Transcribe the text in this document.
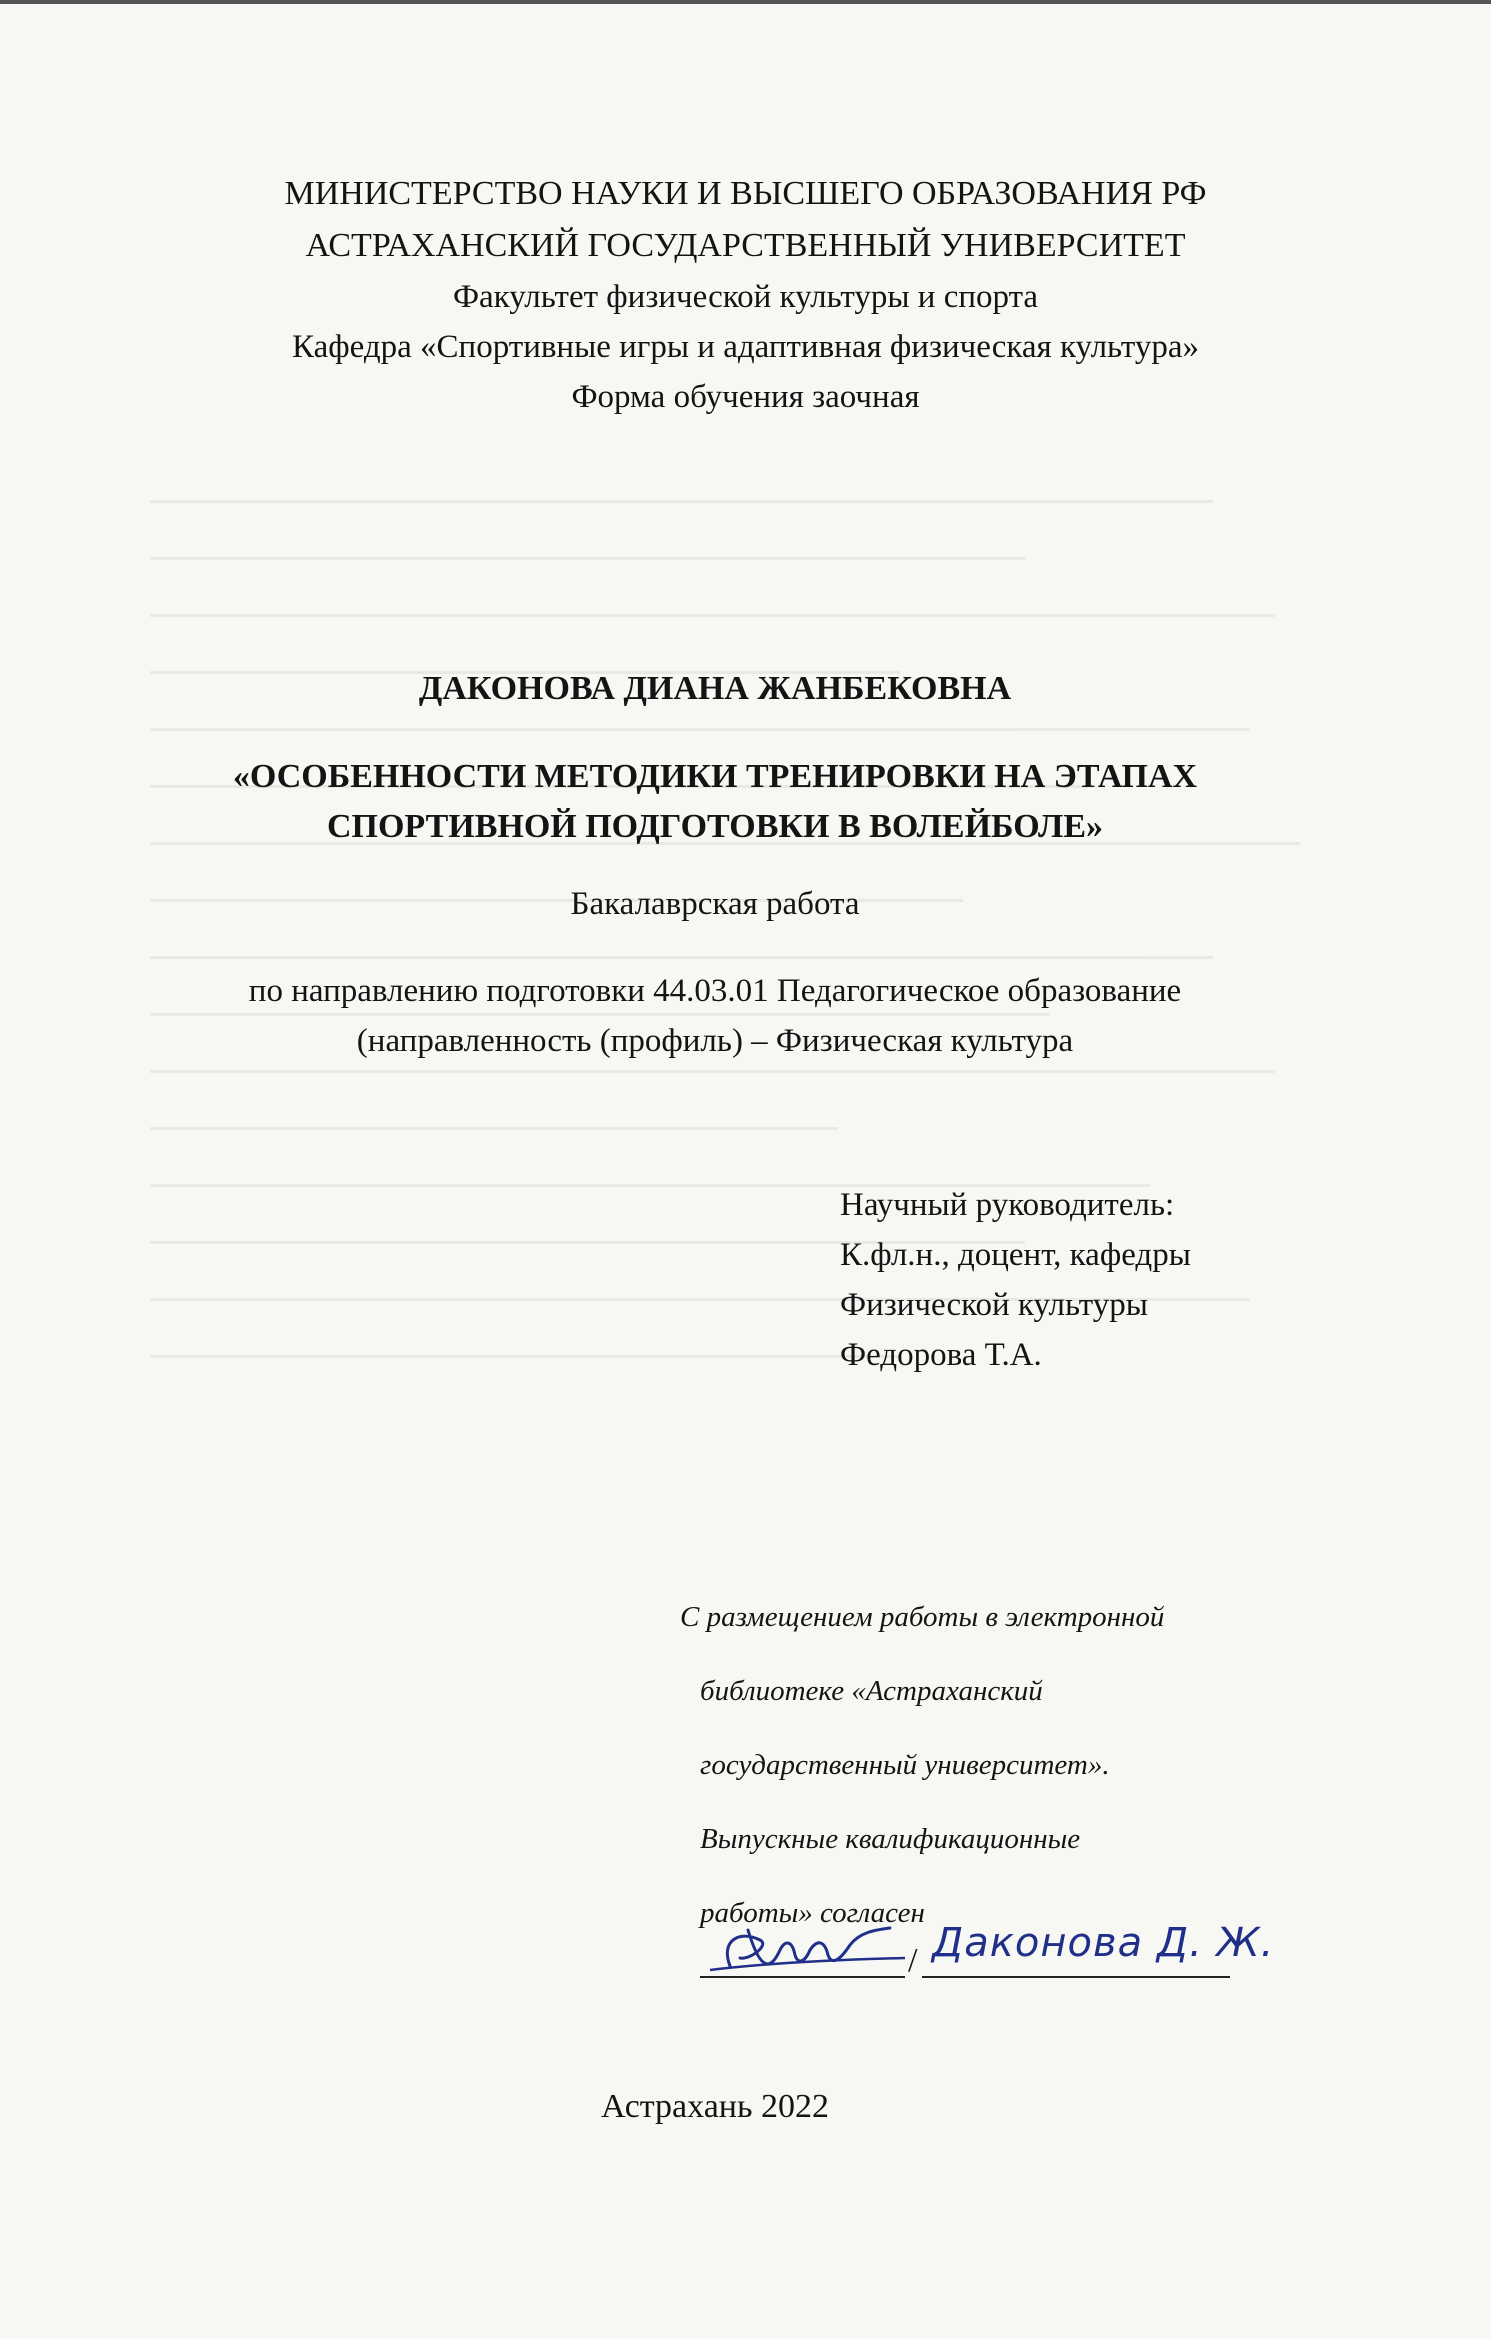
МИНИСТЕРСТВО НАУКИ И ВЫСШЕГО ОБРАЗОВАНИЯ РФ
АСТРАХАНСКИЙ ГОСУДАРСТВЕННЫЙ УНИВЕРСИТЕТ
Факультет физической культуры и спорта
Кафедра «Спортивные игры и адаптивная физическая культура»
Форма обучения заочная
ДАКОНОВА ДИАНА ЖАНБЕКОВНА
«ОСОБЕННОСТИ МЕТОДИКИ ТРЕНИРОВКИ НА ЭТАПАХ
СПОРТИВНОЙ ПОДГОТОВКИ В ВОЛЕЙБОЛЕ»
Бакалаврская работа
по направлению подготовки 44.03.01 Педагогическое образование
(направленность (профиль) – Физическая культура
Научный руководитель:
К.фл.н., доцент, кафедры
Физической культуры
Федорова Т.А.
С размещением работы в электронной
библиотеке «Астраханский
государственный университет».
Выпускные квалификационные
работы» согласен
/ Даконова Д. Ж.
Астрахань 2022
